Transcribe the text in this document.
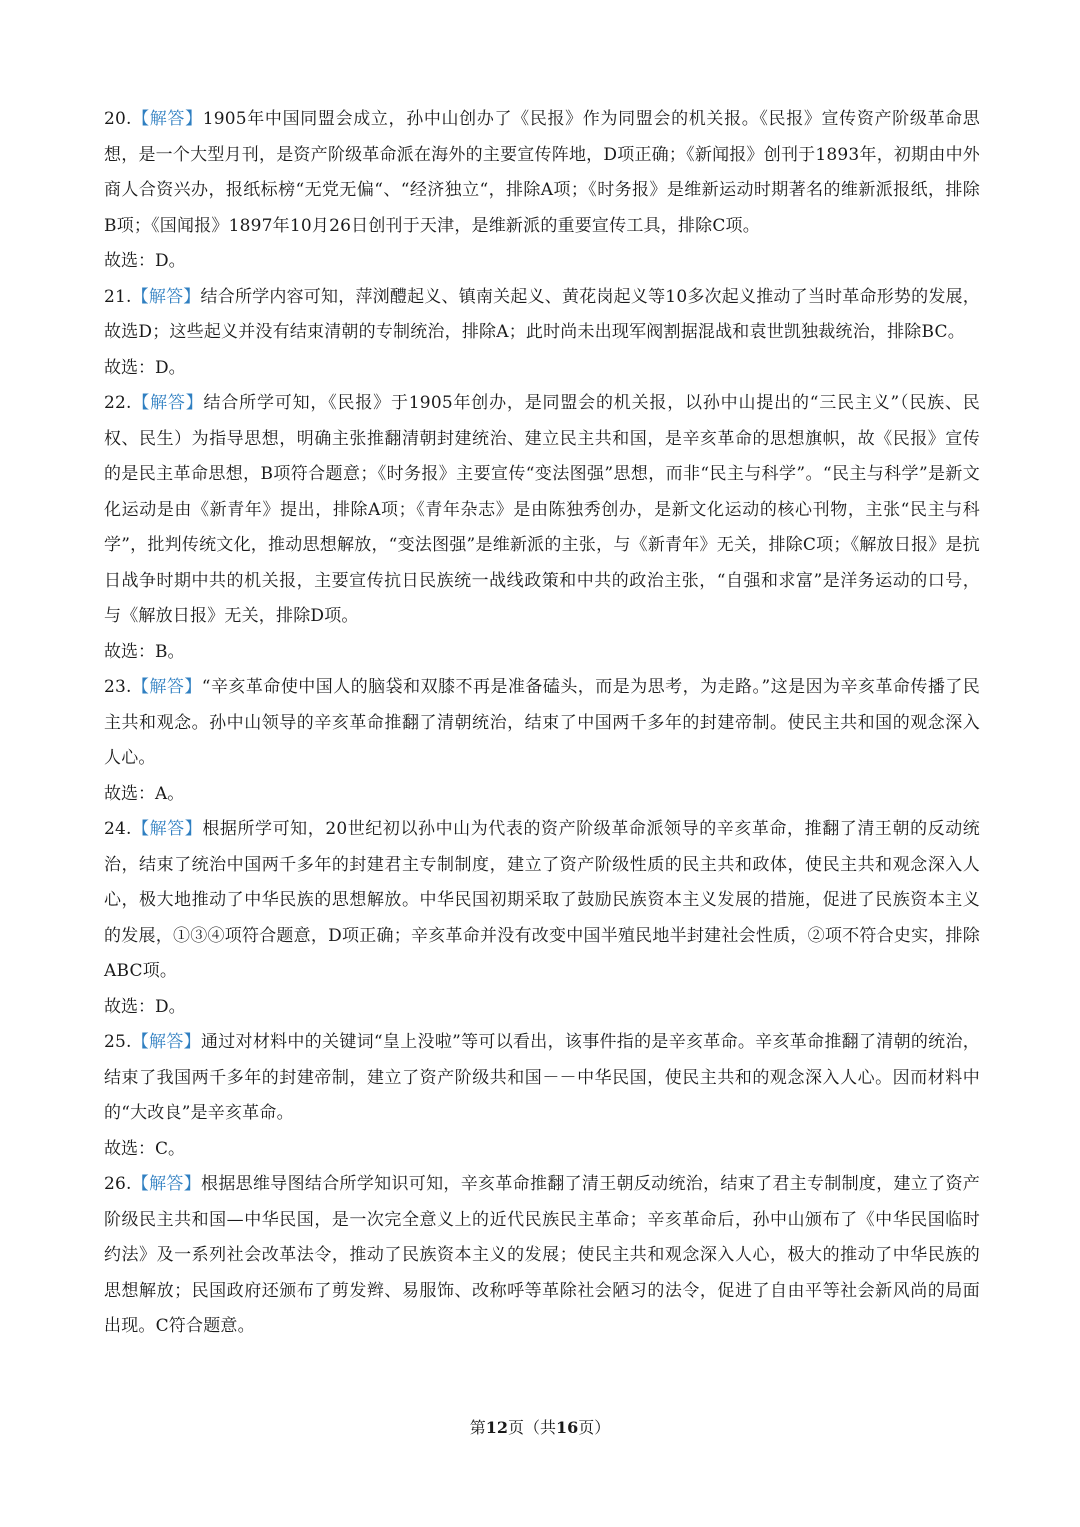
20.【解答】1905年中国同盟会成立，孙中山创办了《民报》作为同盟会的机关报。《民报》宣传资产阶级革命思想，是一个大型月刊，是资产阶级革命派在海外的主要宣传阵地，D项正确；《新闻报》创刊于1893年，初期由中外商人合资兴办，报纸标榜“无党无偏“、“经济独立“，排除A项；《时务报》是维新运动时期著名的维新派报纸，排除B项；《国闻报》1897年10月26日创刊于天津，是维新派的重要宣传工具，排除C项。

故选：D。

21.【解答】结合所学内容可知，萍浏醴起义、镇南关起义、黄花岗起义等10多次起义推动了当时革命形势的发展，故选D；这些起义并没有结束清朝的专制统治，排除A；此时尚未出现军阀割据混战和袁世凯独裁统治，排除BC。

故选：D。

22.【解答】结合所学可知，《民报》于1905年创办，是同盟会的机关报，以孙中山提出的“三民主义”（民族、民权、民生）为指导思想，明确主张推翻清朝封建统治、建立民主共和国，是辛亥革命的思想旗帜，故《民报》宣传的是民主革命思想，B项符合题意；《时务报》主要宣传“变法图强”思想，而非“民主与科学”。“民主与科学”是新文化运动是由《新青年》提出，排除A项；《青年杂志》是由陈独秀创办，是新文化运动的核心刊物，主张“民主与科学”，批判传统文化，推动思想解放，“变法图强”是维新派的主张，与《新青年》无关，排除C项；《解放日报》是抗日战争时期中共的机关报，主要宣传抗日民族统一战线政策和中共的政治主张，“自强和求富”是洋务运动的口号，与《解放日报》无关，排除D项。

故选：B。

23.【解答】“辛亥革命使中国人的脑袋和双膝不再是准备磕头，而是为思考，为走路。”这是因为辛亥革命传播了民主共和观念。孙中山领导的辛亥革命推翻了清朝统治，结束了中国两千多年的封建帝制。使民主共和国的观念深入人心。

故选：A。

24.【解答】根据所学可知，20世纪初以孙中山为代表的资产阶级革命派领导的辛亥革命，推翻了清王朝的反动统治，结束了统治中国两千多年的封建君主专制制度，建立了资产阶级性质的民主共和政体，使民主共和观念深入人心，极大地推动了中华民族的思想解放。中华民国初期采取了鼓励民族资本主义发展的措施，促进了民族资本主义的发展，①③④项符合题意，D项正确；辛亥革命并没有改变中国半殖民地半封建社会性质，②项不符合史实，排除ABC项。

故选：D。

25.【解答】通过对材料中的关键词“皇上没啦”等可以看出，该事件指的是辛亥革命。辛亥革命推翻了清朝的统治，结束了我国两千多年的封建帝制，建立了资产阶级共和国－－中华民国，使民主共和的观念深入人心。因而材料中的“大改良”是辛亥革命。

故选：C。

26.【解答】根据思维导图结合所学知识可知，辛亥革命推翻了清王朝反动统治，结束了君主专制制度，建立了资产阶级民主共和国—中华民国，是一次完全意义上的近代民族民主革命；辛亥革命后，孙中山颁布了《中华民国临时约法》及一系列社会改革法令，推动了民族资本主义的发展；使民主共和观念深入人心，极大的推动了中华民族的思想解放；民国政府还颁布了剪发辫、易服饰、改称呼等革除社会陋习的法令，促进了自由平等社会新风尚的局面出现。C符合题意。

第12页（共16页）
